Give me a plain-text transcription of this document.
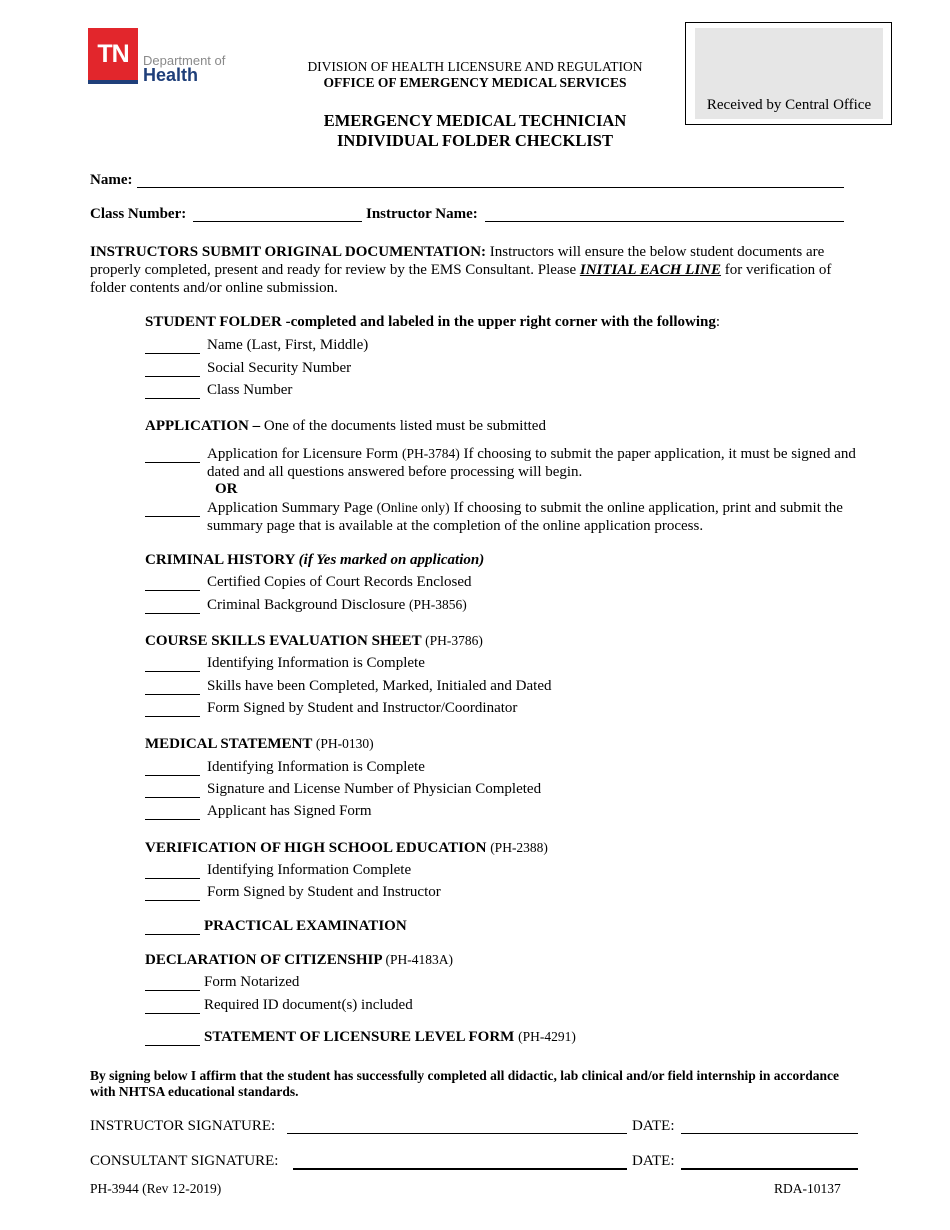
TN Department of
Health	DIVISION OF HEALTH LICENSURE AND REGULATION
OFFICE OF EMERGENCY MEDICAL SERVICES
Received by Central Office
EMERGENCY MEDICAL TECHNICIAN
INDIVIDUAL FOLDER CHECKLIST
Name:
Class Number:	Instructor Name:
INSTRUCTORS SUBMIT ORIGINAL DOCUMENTATION: Instructors will ensure the below student documents are properly completed, present and ready for review by the EMS Consultant. Please INITIAL EACH LINE for verification of folder contents and/or online submission.
STUDENT FOLDER -completed and labeled in the upper right corner with the following:
Name (Last, First, Middle)
Social Security Number
Class Number
APPLICATION – One of the documents listed must be submitted
Application for Licensure Form (PH-3784) If choosing to submit the paper application, it must be signed and dated and all questions answered before processing will begin.
OR
Application Summary Page (Online only) If choosing to submit the online application, print and submit the summary page that is available at the completion of the online application process.
CRIMINAL HISTORY (if Yes marked on application)
Certified Copies of Court Records Enclosed
Criminal Background Disclosure (PH-3856)
COURSE SKILLS EVALUATION SHEET (PH-3786)
Identifying Information is Complete
Skills have been Completed, Marked, Initialed and Dated
Form Signed by Student and Instructor/Coordinator
MEDICAL STATEMENT (PH-0130)
Identifying Information is Complete
Signature and License Number of Physician Completed
Applicant has Signed Form
VERIFICATION OF HIGH SCHOOL EDUCATION (PH-2388)
Identifying Information Complete
Form Signed by Student and Instructor
PRACTICAL EXAMINATION
DECLARATION OF CITIZENSHIP (PH-4183A)
Form Notarized
Required ID document(s) included
STATEMENT OF LICENSURE LEVEL FORM (PH-4291)
By signing below I affirm that the student has successfully completed all didactic, lab clinical and/or field internship in accordance with NHTSA educational standards.
INSTRUCTOR SIGNATURE:	DATE:
CONSULTANT SIGNATURE:	DATE:
PH-3944 (Rev 12-2019)	RDA-10137
